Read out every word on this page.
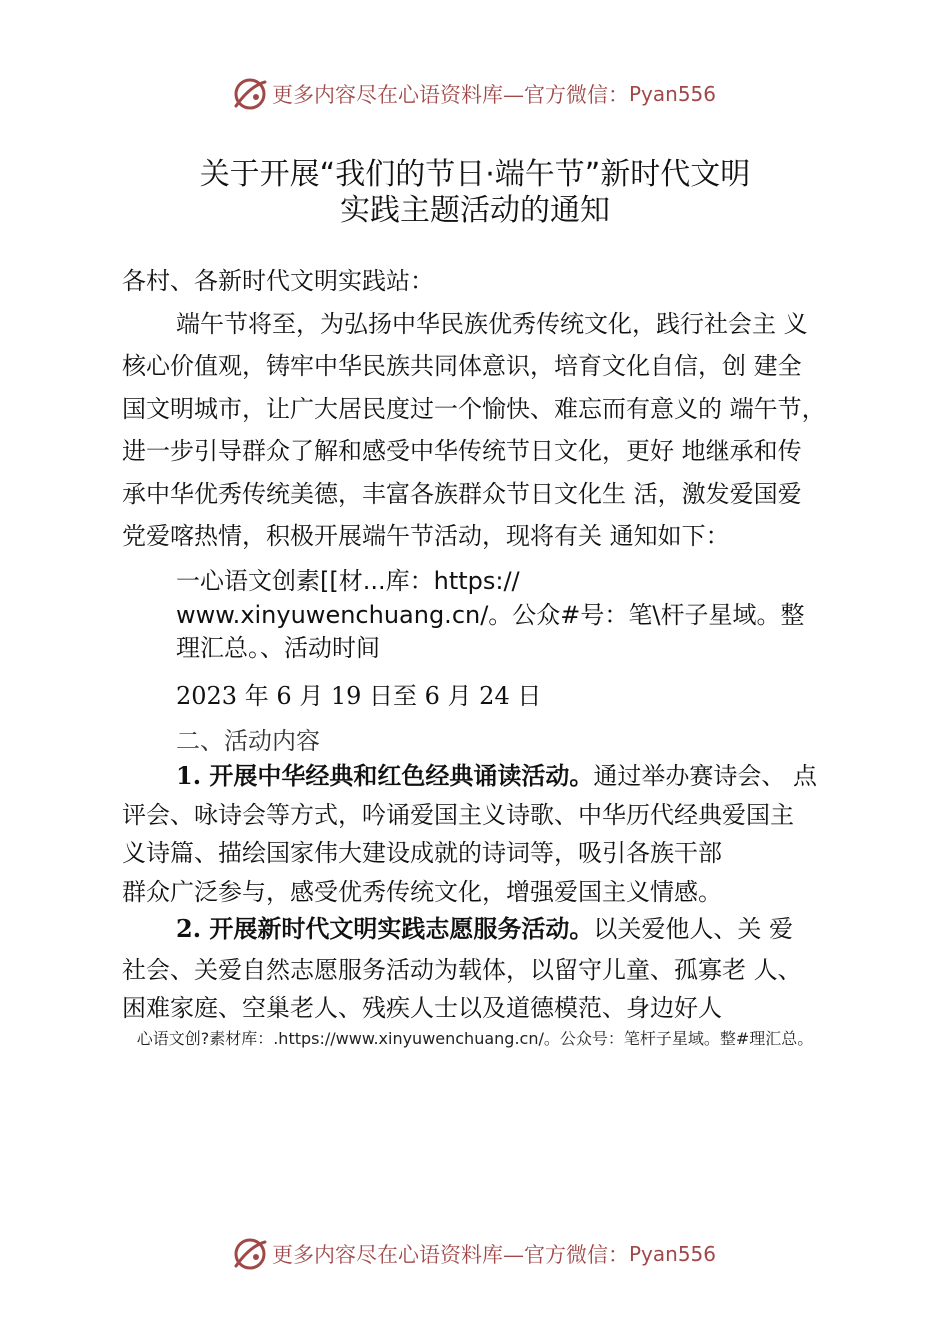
更多内容尽在心语资料库—官方微信： Pyan556
关于开展“我们的节日·端午节”新时代文明
实践主题活动的通知
各村、各新时代文明实践站：
端午节将至，为弘扬中华民族优秀传统文化，践行社会主 义
核心价值观，铸牢中华民族共同体意识，培育文化自信，创 建全
国文明城市，让广大居民度过一个愉快、难忘而有意义的 端午节，
进一步引导群众了解和感受中华传统节日文化，更好 地继承和传
承中华优秀传统美德，丰富各族群众节日文化生 活，激发爱国爱
党爱喀热情，积极开展端午节活动，现将有关 通知如下：
一心语文创素[[材...库：https://
www.xinyuwenchuang.cn/。公众#号：笔\杆子星域。整
理汇总。、活动时间
2023 年 6 月 19 日至 6 月 24 日
二、活动内容
1. 开展中华经典和红色经典诵读活动。通过举办赛诗会、 点
评会、咏诗会等方式，吟诵爱国主义诗歌、中华历代经典爱国主
义诗篇、描绘国家伟大建设成就的诗词等，吸引各族干部
群众广泛参与，感受优秀传统文化，增强爱国主义情感。
2. 开展新时代文明实践志愿服务活动。以关爱他人、关 爱
社会、关爱自然志愿服务活动为载体，以留守儿童、孤寡老 人、
困难家庭、空巢老人、残疾人士以及道德模范、身边好人
心语文创?素材库：.https://www.xinyuwenchuang.cn/。公众号：笔杆子星域。整#理汇总。
更多内容尽在心语资料库—官方微信： Pyan556
